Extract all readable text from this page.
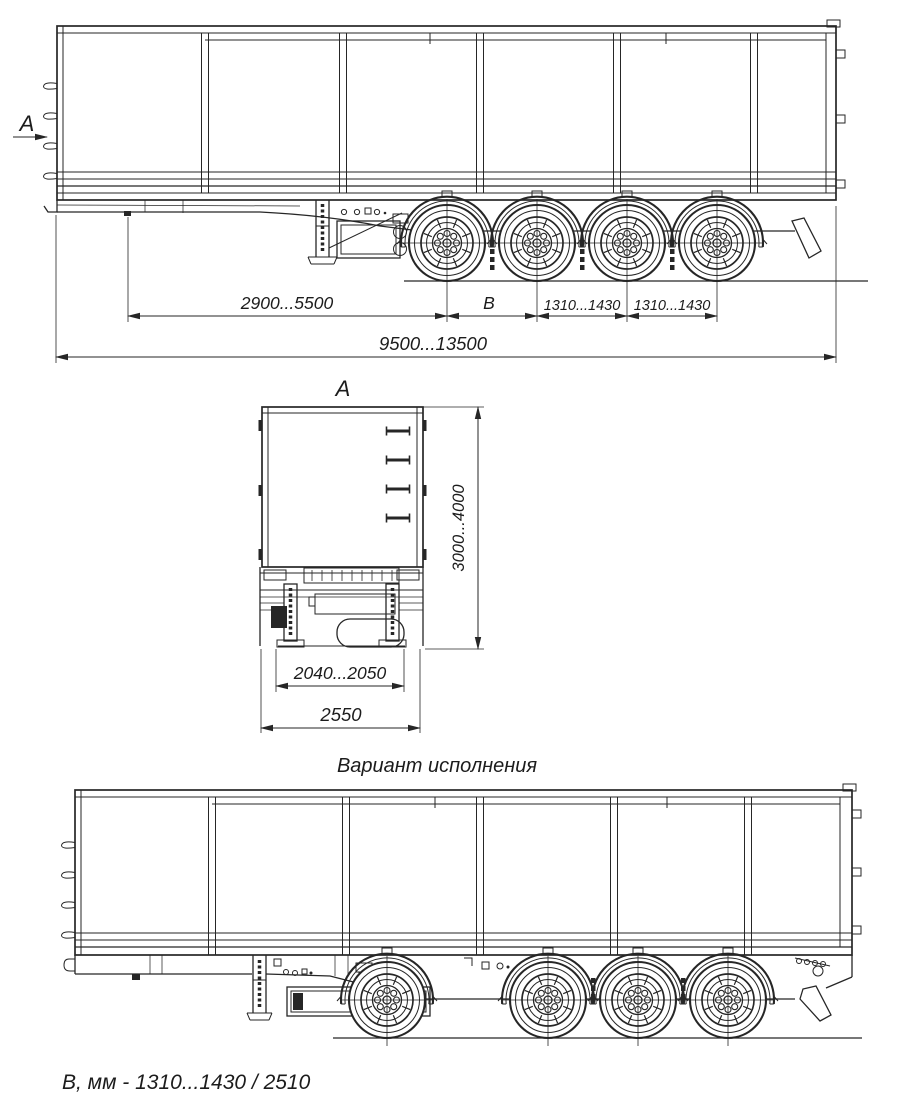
А
2900...5500	В	1310...1430 1310...1430
9500...13500
А
3000...4000
2040...2050
2550
Вариант исполнения
В, мм - 1310...1430 / 2510
